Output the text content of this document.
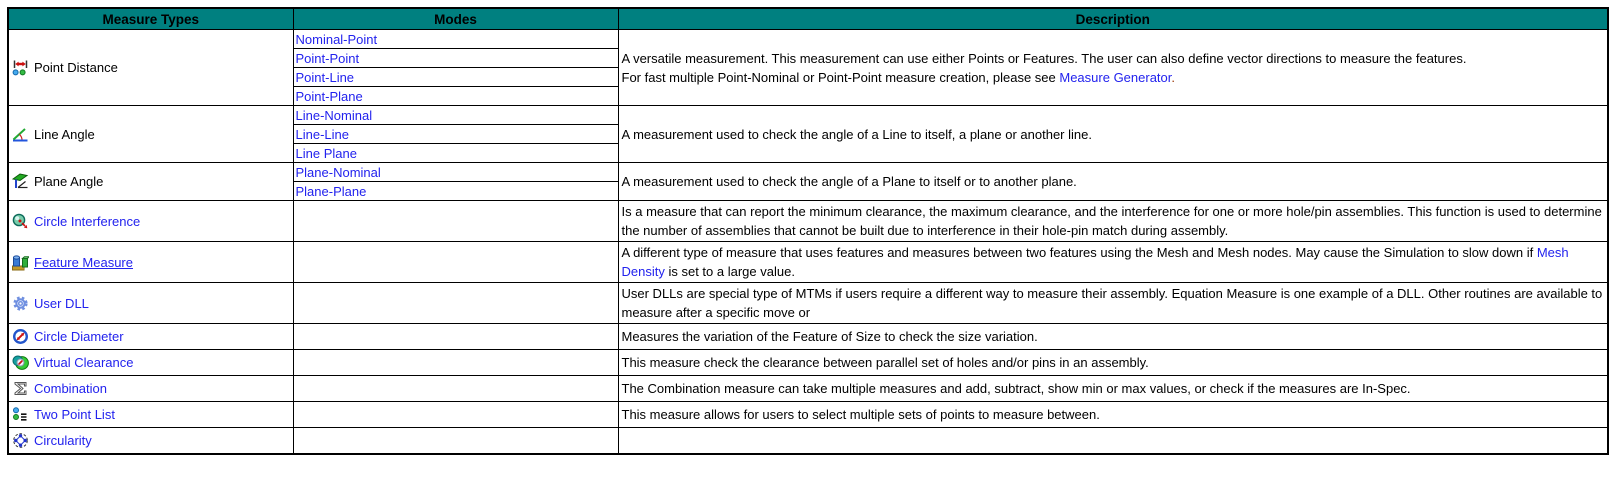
Measure Types	Modes	Description

Point Distance	Nominal-Point	A versatile measurement. This measurement can use either Points or Features. The user can also define vector directions to measure the features.
For fast multiple Point-Nominal or Point-Point measure creation, please see Measure Generator.

	Point-Point	
	Point-Line	
	Point-Plane	

Line Angle	Line-Nominal	A measurement used to check the angle of a Line to itself, a plane or another line.

	Line-Line	
	Line Plane	

Plane Angle	Plane-Nominal	A measurement used to check the angle of a Plane to itself or to another plane.

	Plane-Plane	

Circle Interference		Is a measure that can report the minimum clearance, the maximum clearance, and the interference for one or more hole/pin assemblies. This function is used to determine the number of assemblies that cannot be built due to interference in their hole-pin match during assembly.

Feature Measure		A different type of measure that uses features and measures between two features using the Mesh and Mesh nodes. May cause the Simulation to slow down if Mesh Density is set to a large value.

User DLL		User DLLs are special type of MTMs if users require a different way to measure their assembly. Equation Measure is one example of a DLL. Other routines are available to measure after a specific move or

Circle Diameter		Measures the variation of the Feature of Size to check the size variation.

Virtual Clearance		This measure check the clearance between parallel set of holes and/or pins in an assembly.

Combination		The Combination measure can take multiple measures and add, subtract, show min or max values, or check if the measures are In-Spec.

Two Point List		This measure allows for users to select multiple sets of points to measure between.

Circularity		
